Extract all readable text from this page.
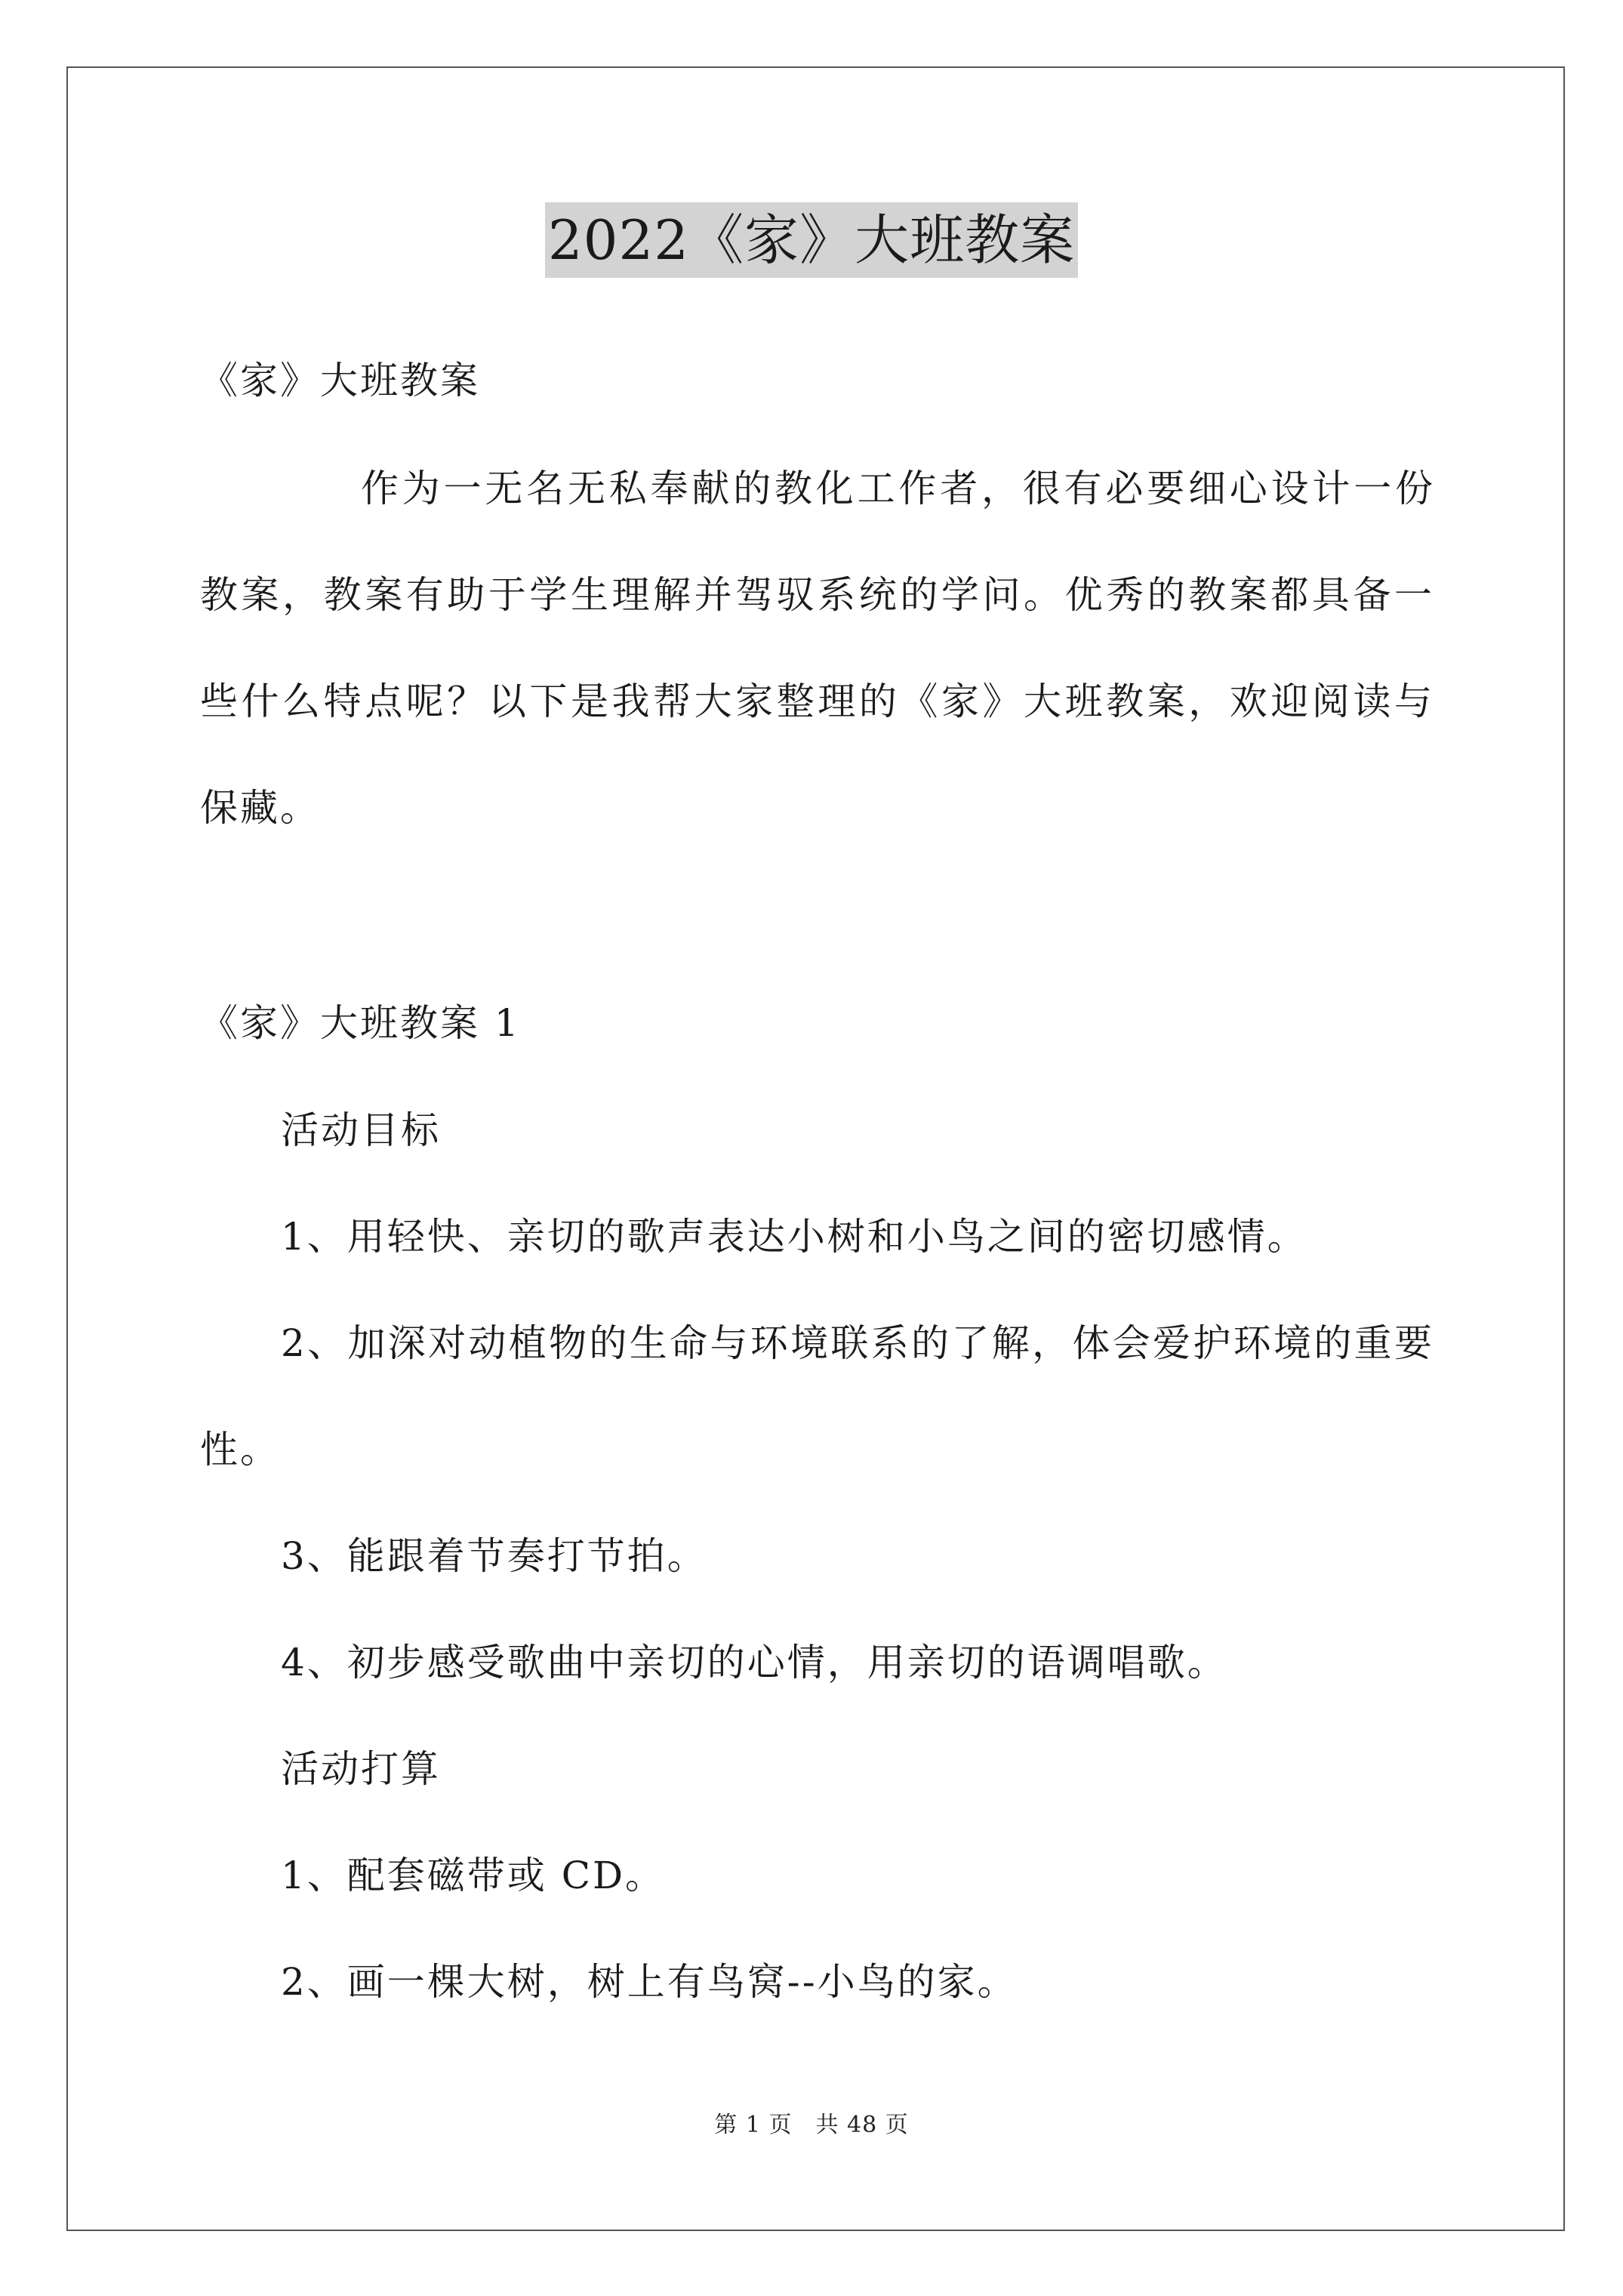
2022《家》大班教案
《家》大班教案
作为一无名无私奉献的教化工作者，很有必要细心设计一份
教案，教案有助于学生理解并驾驭系统的学问。优秀的教案都具备一
些什么特点呢？以下是我帮大家整理的《家》大班教案，欢迎阅读与
保藏。
《家》大班教案 1
活动目标
1、用轻快、亲切的歌声表达小树和小鸟之间的密切感情。
2、加深对动植物的生命与环境联系的了解，体会爱护环境的重要
性。
3、能跟着节奏打节拍。
4、初步感受歌曲中亲切的心情，用亲切的语调唱歌。
活动打算
1、配套磁带或 CD。
2、画一棵大树，树上有鸟窝--小鸟的家。
第 1 页　共 48 页
